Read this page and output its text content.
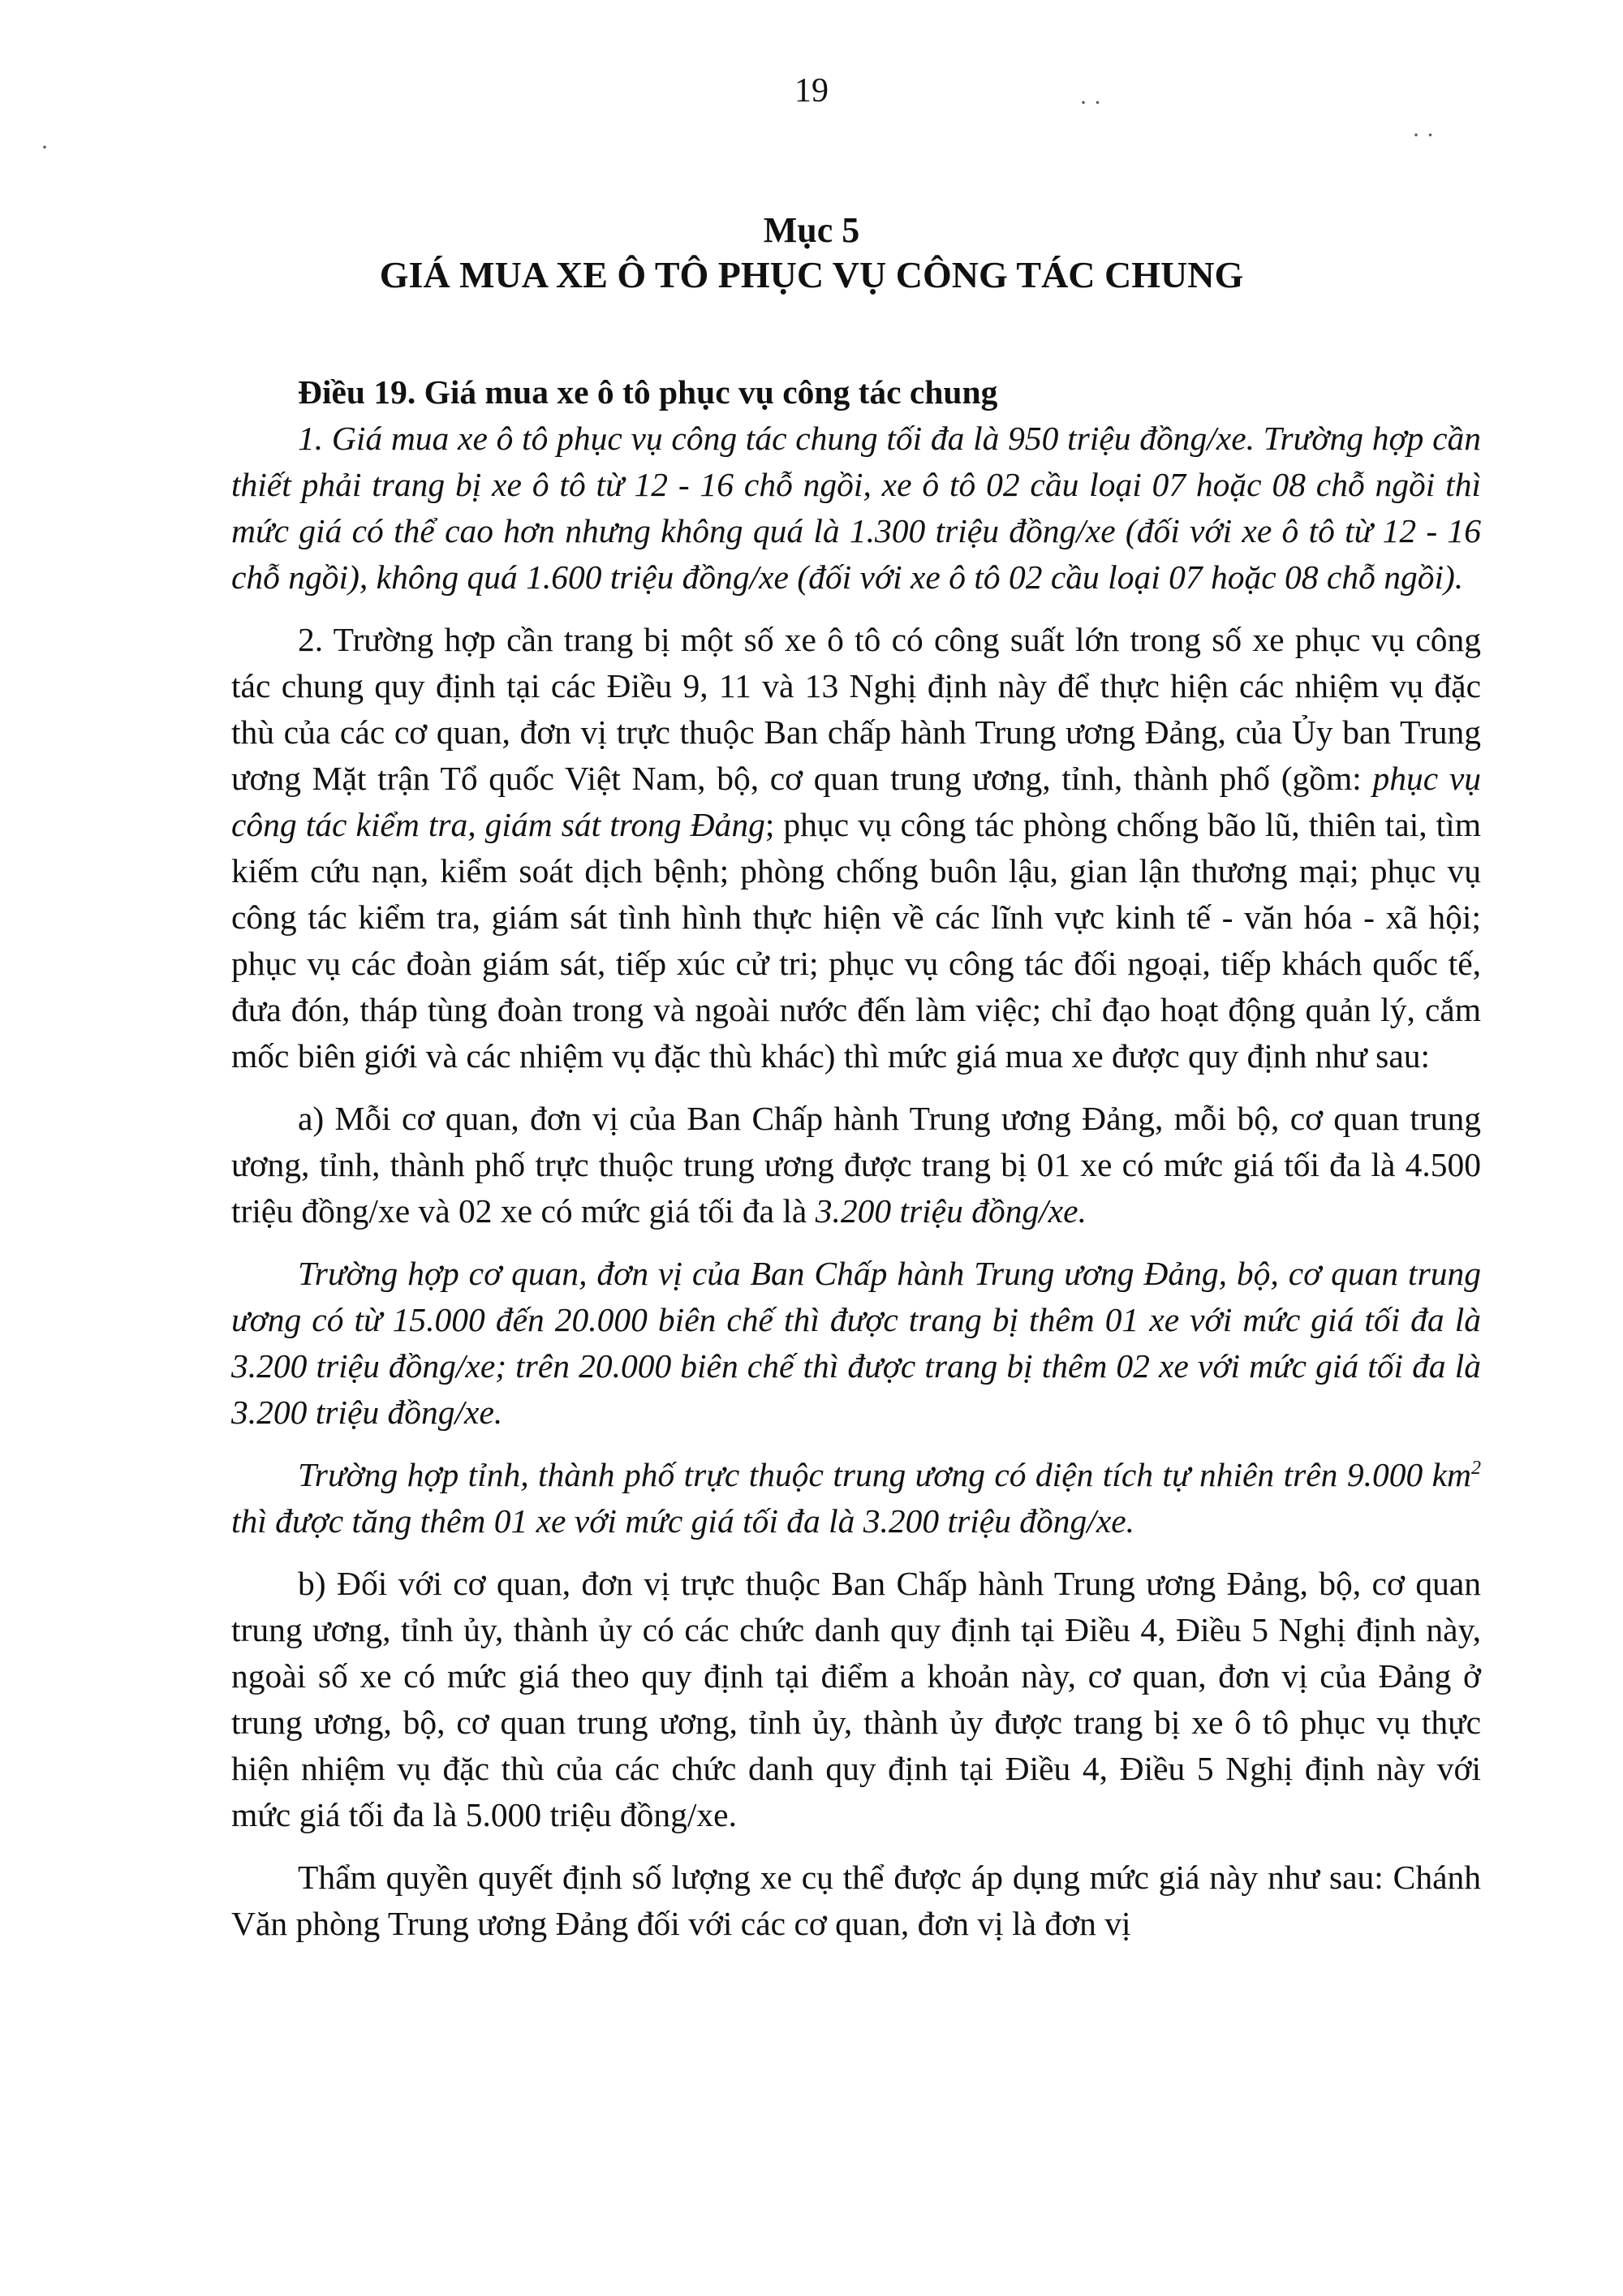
19
Mục 5
GIÁ MUA XE Ô TÔ PHỤC VỤ CÔNG TÁC CHUNG

Điều 19. Giá mua xe ô tô phục vụ công tác chung

1. Giá mua xe ô tô phục vụ công tác chung tối đa là 950 triệu đồng/xe. Trường hợp cần thiết phải trang bị xe ô tô từ 12 - 16 chỗ ngồi, xe ô tô 02 cầu loại 07 hoặc 08 chỗ ngồi thì mức giá có thể cao hơn nhưng không quá là 1.300 triệu đồng/xe (đối với xe ô tô từ 12 - 16 chỗ ngồi), không quá 1.600 triệu đồng/xe (đối với xe ô tô 02 cầu loại 07 hoặc 08 chỗ ngồi).

2. Trường hợp cần trang bị một số xe ô tô có công suất lớn trong số xe phục vụ công tác chung quy định tại các Điều 9, 11 và 13 Nghị định này để thực hiện các nhiệm vụ đặc thù của các cơ quan, đơn vị trực thuộc Ban chấp hành Trung ương Đảng, của Ủy ban Trung ương Mặt trận Tổ quốc Việt Nam, bộ, cơ quan trung ương, tỉnh, thành phố (gồm: phục vụ công tác kiểm tra, giám sát trong Đảng; phục vụ công tác phòng chống bão lũ, thiên tai, tìm kiếm cứu nạn, kiểm soát dịch bệnh; phòng chống buôn lậu, gian lận thương mại; phục vụ công tác kiểm tra, giám sát tình hình thực hiện về các lĩnh vực kinh tế - văn hóa - xã hội; phục vụ các đoàn giám sát, tiếp xúc cử tri; phục vụ công tác đối ngoại, tiếp khách quốc tế, đưa đón, tháp tùng đoàn trong và ngoài nước đến làm việc; chỉ đạo hoạt động quản lý, cắm mốc biên giới và các nhiệm vụ đặc thù khác) thì mức giá mua xe được quy định như sau:

a) Mỗi cơ quan, đơn vị của Ban Chấp hành Trung ương Đảng, mỗi bộ, cơ quan trung ương, tỉnh, thành phố trực thuộc trung ương được trang bị 01 xe có mức giá tối đa là 4.500 triệu đồng/xe và 02 xe có mức giá tối đa là 3.200 triệu đồng/xe.

Trường hợp cơ quan, đơn vị của Ban Chấp hành Trung ương Đảng, bộ, cơ quan trung ương có từ 15.000 đến 20.000 biên chế thì được trang bị thêm 01 xe với mức giá tối đa là 3.200 triệu đồng/xe; trên 20.000 biên chế thì được trang bị thêm 02 xe với mức giá tối đa là 3.200 triệu đồng/xe.

Trường hợp tỉnh, thành phố trực thuộc trung ương có diện tích tự nhiên trên 9.000 $km^2$ thì được tăng thêm 01 xe với mức giá tối đa là 3.200 triệu đồng/xe.

b) Đối với cơ quan, đơn vị trực thuộc Ban Chấp hành Trung ương Đảng, bộ, cơ quan trung ương, tỉnh ủy, thành ủy có các chức danh quy định tại Điều 4, Điều 5 Nghị định này, ngoài số xe có mức giá theo quy định tại điểm a khoản này, cơ quan, đơn vị của Đảng ở trung ương, bộ, cơ quan trung ương, tỉnh ủy, thành ủy được trang bị xe ô tô phục vụ thực hiện nhiệm vụ đặc thù của các chức danh quy định tại Điều 4, Điều 5 Nghị định này với mức giá tối đa là 5.000 triệu đồng/xe.

Thẩm quyền quyết định số lượng xe cụ thể được áp dụng mức giá này như sau: Chánh Văn phòng Trung ương Đảng đối với các cơ quan, đơn vị là đơn vị

· ·
· ·
·
